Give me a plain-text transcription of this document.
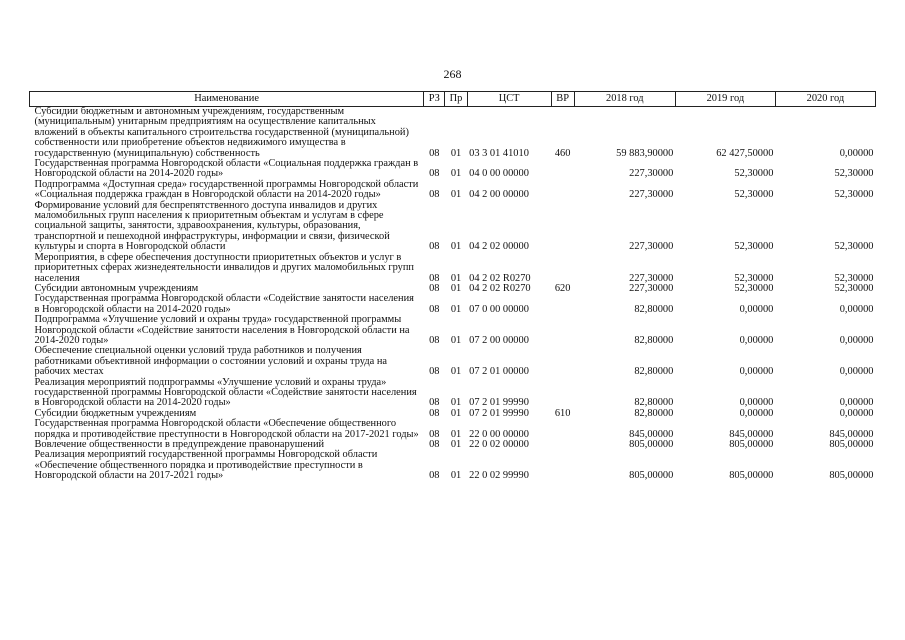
268
Наименование	РЗ	Пр	ЦСТ	ВР	2018 год	2019 год	2020 год
Субсидии бюджетным и автономным учреждениям, государственным (муниципальным) унитарным предприятиям на осуществление капитальных вложений в объекты капитального строительства государственной (муниципальной) собственности или приобретение объектов недвижимого имущества в государственную (муниципальную) собственность	08	01	03 3 01 41010	460	59 883,90000	62 427,50000	0,00000
Государственная программа Новгородской области «Социальная поддержка граждан в Новгородской области на 2014-2020 годы»	08	01	04 0 00 00000		227,30000	52,30000	52,30000
Подпрограмма «Доступная среда» государственной программы Новгородской области «Социальная поддержка граждан в Новгородской области на 2014-2020 годы»	08	01	04 2 00 00000		227,30000	52,30000	52,30000
Формирование условий для беспрепятственного доступа инвалидов и других маломобильных групп населения к приоритетным объектам и услугам в сфере социальной защиты, занятости, здравоохранения, культуры, образования, транспортной и пешеходной инфраструктуры, информации и связи, физической культуры и спорта в Новгородской области	08	01	04 2 02 00000		227,30000	52,30000	52,30000
Мероприятия, в сфере обеспечения доступности приоритетных объектов и услуг в приоритетных сферах жизнедеятельности инвалидов и других маломобильных групп населения	08	01	04 2 02 R0270		227,30000	52,30000	52,30000
Субсидии автономным учреждениям	08	01	04 2 02 R0270	620	227,30000	52,30000	52,30000
Государственная программа Новгородской области «Содействие занятости населения в Новгородской области на 2014-2020 годы»	08	01	07 0 00 00000		82,80000	0,00000	0,00000
Подпрограмма «Улучшение условий и охраны труда» государственной программы Новгородской области «Содействие занятости населения в Новгородской области на 2014-2020 годы»	08	01	07 2 00 00000		82,80000	0,00000	0,00000
Обеспечение специальной оценки условий труда работников и получения работниками объективной информации о состоянии условий и охраны труда на рабочих местах	08	01	07 2 01 00000		82,80000	0,00000	0,00000
Реализация мероприятий подпрограммы «Улучшение условий и охраны труда» государственной программы Новгородской области «Содействие занятости населения в Новгородской области на 2014-2020 годы»	08	01	07 2 01 99990		82,80000	0,00000	0,00000
Субсидии бюджетным учреждениям	08	01	07 2 01 99990	610	82,80000	0,00000	0,00000
Государственная программа Новгородской области «Обеспечение общественного порядка и противодействие преступности в Новгородской области на 2017-2021 годы»	08	01	22 0 00 00000		845,00000	845,00000	845,00000
Вовлечение общественности в предупреждение правонарушений	08	01	22 0 02 00000		805,00000	805,00000	805,00000
Реализация мероприятий государственной программы Новгородской области «Обеспечение общественного порядка и противодействие преступности в Новгородской области на 2017-2021 годы»	08	01	22 0 02 99990		805,00000	805,00000	805,00000
